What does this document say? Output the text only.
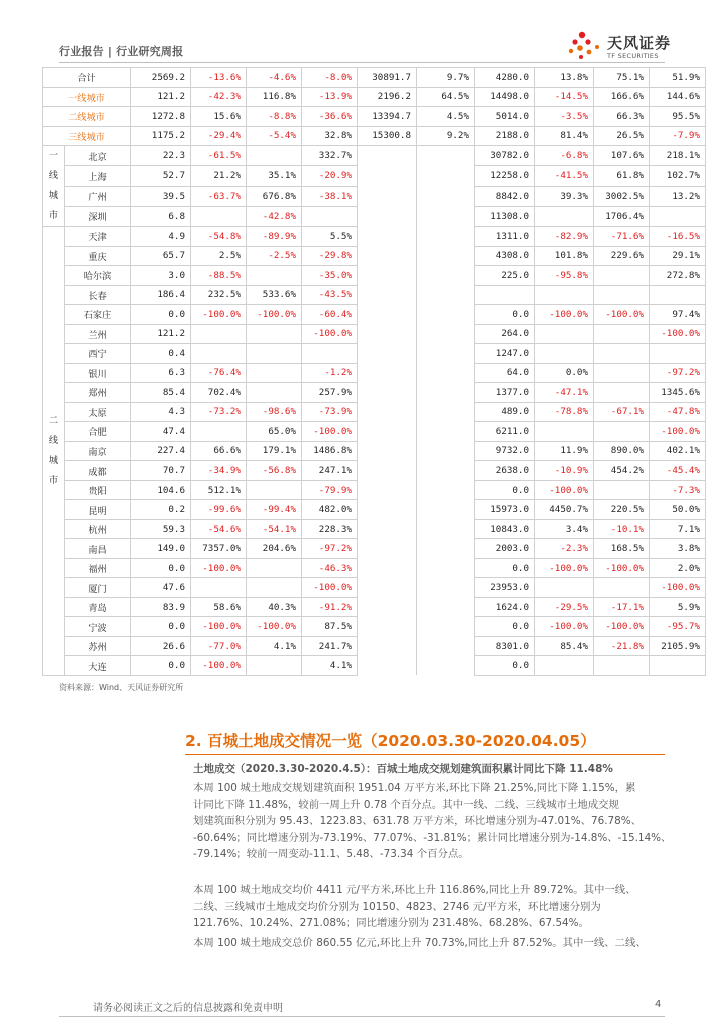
行业报告 | 行业研究周报	天风证券
TF SECURITIES
合计		2569.2	-13.6%	-4.6%	-8.0%	30891.7	9.7%	4280.0	13.8%	75.1%	51.9%
一线城市		121.2	-42.3%	116.8%	-13.9%	2196.2	64.5%	14498.0	-14.5%	166.6%	144.6%
二线城市		1272.8	15.6%	-8.8%	-36.6%	13394.7	4.5%	5014.0	-3.5%	66.3%	95.5%
三线城市		1175.2	-29.4%	-5.4%	32.8%	15300.8	9.2%	2188.0	81.4%	26.5%	-7.9%

一
线
城
市	北京	22.3	-61.5%		332.7%			30782.0	-6.8%	107.6%	218.1%
	上海	52.7	21.2%	35.1%	-20.9%			12258.0	-41.5%	61.8%	102.7%
	广州	39.5	-63.7%	676.8%	-38.1%			8842.0	39.3%	3002.5%	13.2%
	深圳	6.8		-42.8%				11308.0		1706.4%	

二
线
城
市	天津	4.9	-54.8%	-89.9%	5.5%			1311.0	-82.9%	-71.6%	-16.5%
	重庆	65.7	2.5%	-2.5%	-29.8%			4308.0	101.8%	229.6%	29.1%
	哈尔滨	3.0	-88.5%		-35.0%			225.0	-95.8%		272.8%
	长春	186.4	232.5%	533.6%	-43.5%						
	石家庄	0.0	-100.0%	-100.0%	-60.4%			0.0	-100.0%	-100.0%	97.4%
	兰州	121.2			-100.0%			264.0			-100.0%
	西宁	0.4						1247.0			
	银川	6.3	-76.4%		-1.2%			64.0	0.0%		-97.2%
	郑州	85.4	702.4%		257.9%			1377.0	-47.1%		1345.6%
	太原	4.3	-73.2%	-98.6%	-73.9%			489.0	-78.8%	-67.1%	-47.8%
	合肥	47.4		65.0%	-100.0%			6211.0			-100.0%
	南京	227.4	66.6%	179.1%	1486.8%			9732.0	11.9%	890.0%	402.1%
	成都	70.7	-34.9%	-56.8%	247.1%			2638.0	-10.9%	454.2%	-45.4%
	贵阳	104.6	512.1%		-79.9%			0.0	-100.0%		-7.3%
	昆明	0.2	-99.6%	-99.4%	482.0%			15973.0	4450.7%	220.5%	50.0%
	杭州	59.3	-54.6%	-54.1%	228.3%			10843.0	3.4%	-10.1%	7.1%
	南昌	149.0	7357.0%	204.6%	-97.2%			2003.0	-2.3%	168.5%	3.8%
	福州	0.0	-100.0%		-46.3%			0.0	-100.0%	-100.0%	2.0%
	厦门	47.6			-100.0%			23953.0			-100.0%
	青岛	83.9	58.6%	40.3%	-91.2%			1624.0	-29.5%	-17.1%	5.9%
	宁波	0.0	-100.0%	-100.0%	87.5%			0.0	-100.0%	-100.0%	-95.7%
	苏州	26.6	-77.0%	4.1%	241.7%			8301.0	85.4%	-21.8%	2105.9%
	大连	0.0	-100.0%		4.1%			0.0			
资料来源：Wind、天风证券研究所
2. 百城土地成交情况一览（2020.03.30-2020.04.05）
土地成交（2020.3.30-2020.4.5）：百城土地成交规划建筑面积累计同比下降 11.48%
本周 100 城土地成交规划建筑面积 1951.04 万平方米,环比下降 21.25%,同比下降 1.15%，累
计同比下降 11.48%，较前一周上升 0.78 个百分点。其中一线、二线、三线城市土地成交规
划建筑面积分别为 95.43、1223.83、631.78 万平方米，环比增速分别为-47.01%、76.78%、
-60.64%；同比增速分别为-73.19%、77.07%、-31.81%；累计同比增速分别为-14.8%、-15.14%、
-79.14%；较前一周变动-11.1、5.48、-73.34 个百分点。
本周 100 城土地成交均价 4411 元/平方米,环比上升 116.86%,同比上升 89.72%。其中一线、
二线、三线城市土地成交均价分别为 10150、4823、2746 元/平方米，环比增速分别为
121.76%、10.24%、271.08%；同比增速分别为 231.48%、68.28%、67.54%。
本周 100 城土地成交总价 860.55 亿元,环比上升 70.73%,同比上升 87.52%。其中一线、二线、
请务必阅读正文之后的信息披露和免责申明	4
